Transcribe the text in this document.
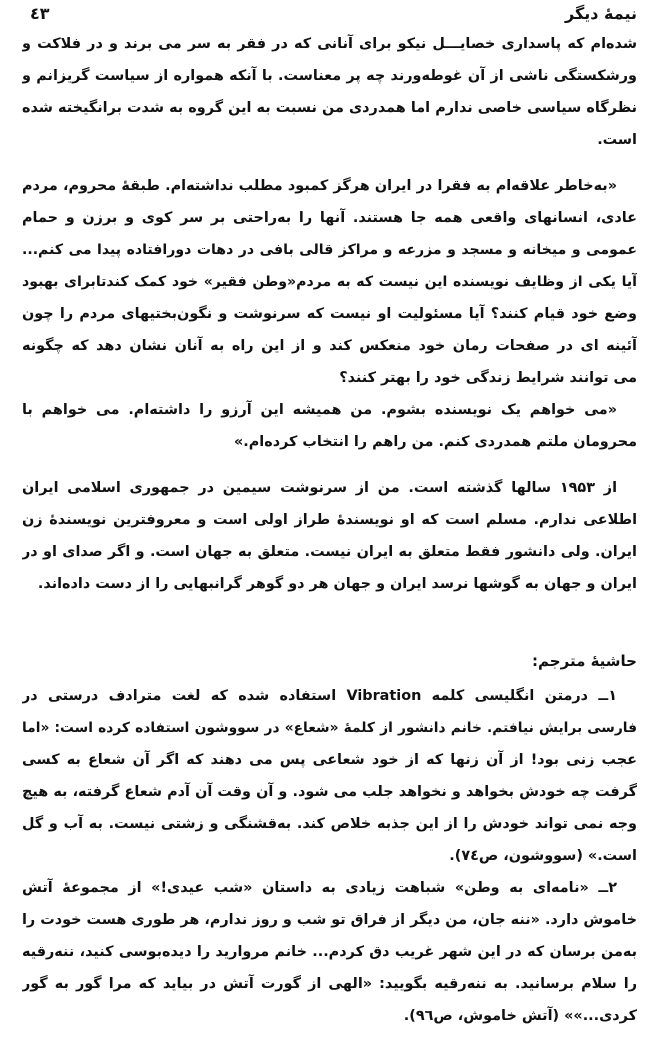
نیمهٔ دیگر
٤٣
شده‌ام که پاسداری خصایـــل نیکو برای آنانی که در فقر به سر می برند و در فلاکت و
ورشکستگی ناشی از آن غوطه‌ورند چه پر معناست. با آنکه همواره از سیاست گریزانم و
نظرگاه سیاسی خاصی ندارم اما همدردی من نسبت به این گروه به شدت برانگیخته شده
است.
«به‌خاطر علاقه‌ام به فقرا در ایران هرگز کمبود مطلب نداشته‌ام. طبقهٔ محروم، مردم
عادی، انسانهای واقعی همه جا هستند. آنها را به‌راحتی بر سر کوی و برزن و حمام
عمومی و میخانه و مسجد و مزرعه و مراکز قالی بافی در دهات دورافتاده پیدا می کنم...
آیا یکی از وظایف نویسنده این نیست که به مردم«وطن فقیر» خود کمک کند‌تا‌برای بهبود
وضع خود قیام کنند؟ آیا مسئولیت او نیست که سرنوشت و نگون‌بختیهای مردم را چون
آئینه ای در صفحات رمان خود منعکس کند و از این راه به آنان نشان دهد که چگونه
می توانند شرایط زندگی خود را بهتر کنند؟
«می خواهم یک نویسنده بشوم. من همیشه این آرزو را داشته‌ام. می خواهم با
محرومان ملتم همدردی کنم. من راهم را انتخاب کرده‌ام.»
از ۱۹۵۳ سالها گذشته است. من از سرنوشت سیمین در جمهوری اسلامی ایران
اطلاعی ندارم. مسلم است که او نویسندهٔ طراز اولی است و معروفترین نویسندهٔ زن
ایران. ولی دانشور فقط متعلق به ایران نیست. متعلق به جهان است. و اگر صدای او در
ایران و جهان به گوشها نرسد ایران و جهان هر دو گوهر گرانبهایی را از دست داده‌اند.
حاشیهٔ مترجم:
۱ــ درمتن انگلیسی کلمه Vibration استفاده شده که لغت مترادف درستی در
فارسی برایش نیافتم. خانم دانشور از کلمهٔ «شعاع» در سووشون استفاده کرده است: «اما
عجب زنی بود! از آن زنها که از خود شعاعی پس می دهند که اگر آن شعاع به کسی
گرفت چه خودش بخواهد و نخواهد جلب می شود. و آن وقت آن آدم شعاع گرفته، به هیچ
وجه نمی تواند خودش را از این جذبه خلاص کند. به‌قشنگی و زشتی نیست. به آب و گل
است.» (سووشون، ص٧٤).
۲ــ «نامه‌ای به وطن» شباهت زیادی به داستان «شب عیدی!» از مجموعهٔ آتش
خاموش دارد. «ننه جان، من دیگر از فراق تو شب و روز ندارم، هر طوری هست خودت را
به‌من برسان که در این شهر غریب دق کردم... خانم مروارید را دیده‌بوسی کنید، ننه‌رقیه
را سلام برسانید. به ننه‌رقیه بگویید: «الهی از گورت آتش در بیاید که مرا گور به گور
کردی...»» (آتش خاموش، ص٩٦).
